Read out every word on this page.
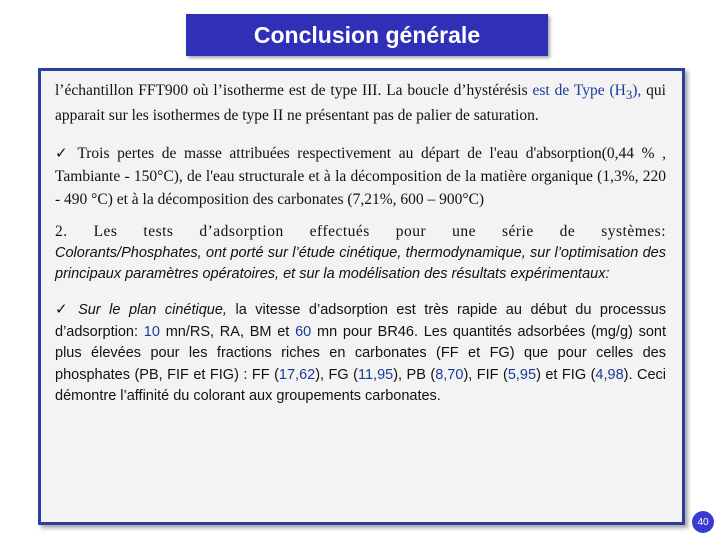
Conclusion générale

l’échantillon FFT900 où l’isotherme est de type III. La boucle d’hystérésis est de Type $(H_3)$, qui apparait sur les isothermes de type II ne présentant pas de palier de saturation.

✓ Trois pertes de masse attribuées respectivement au départ de l'eau d'absorption(0,44 % , Tambiante - 150°C), de l'eau structurale et à la décomposition de la matière organique (1,3%, 220 - 490 °C) et à la décomposition des carbonates (7,21%, 600 – 900°C)

2. Les tests d’adsorption effectués pour une série de systèmes: Colorants/Phosphates, ont porté sur l’étude cinétique, thermodynamique, sur l’optimisation des principaux paramètres opératoires, et sur la modélisation des résultats expérimentaux:

✓ Sur le plan cinétique, la vitesse d’adsorption est très rapide au début du processus d’adsorption: 10 mn/RS, RA, BM et 60 mn pour BR46. Les quantités adsorbées (mg/g) sont plus élevées pour les fractions riches en carbonates (FF et FG) que pour celles des phosphates (PB, FIF et FIG) : FF (17,62), FG (11,95), PB (8,70), FIF (5,95) et FIG (4,98). Ceci démontre l’affinité du colorant aux groupements carbonates.

40
